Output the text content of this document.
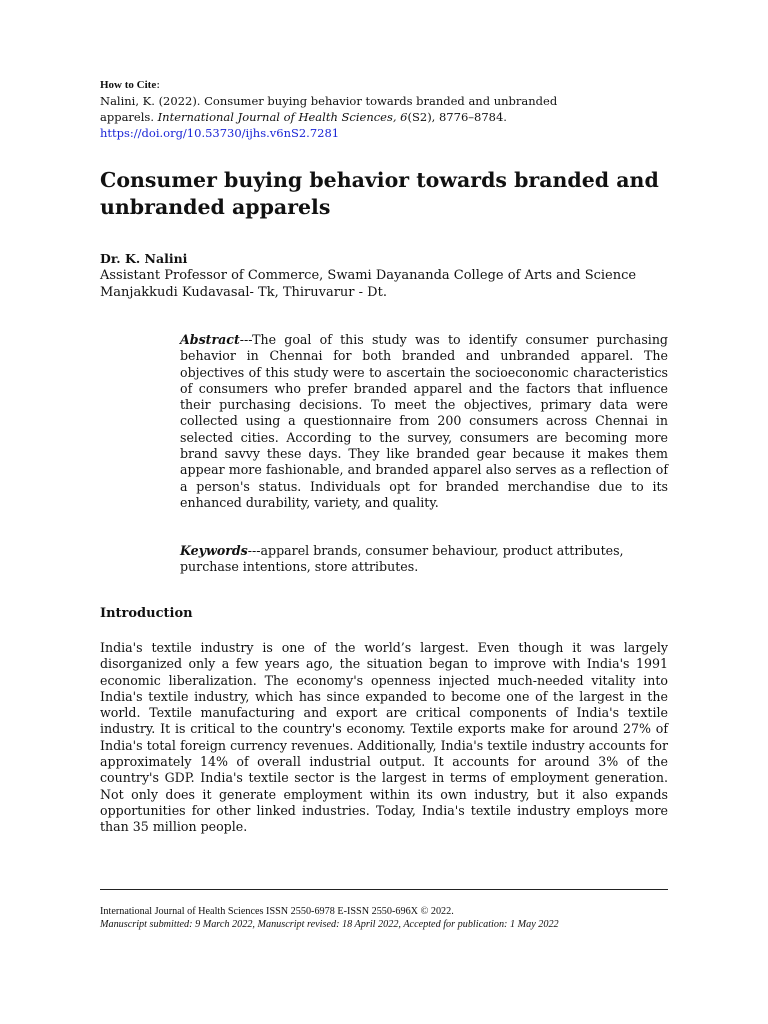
How to Cite:
Nalini, K. (2022). Consumer buying behavior towards branded and unbranded
apparels. International Journal of Health Sciences, 6(S2), 8776–8784.
https://doi.org/10.53730/ijhs.v6nS2.7281
Consumer buying behavior towards branded and unbranded apparels
Dr. K. Nalini
Assistant Professor of Commerce, Swami Dayananda College of Arts and Science
Manjakkudi Kudavasal- Tk, Thiruvarur - Dt.

Abstract---The goal of this study was to identify consumer purchasing behavior in Chennai for both branded and unbranded apparel. The objectives of this study were to ascertain the socioeconomic characteristics of consumers who prefer branded apparel and the factors that influence their purchasing decisions. To meet the objectives, primary data were collected using a questionnaire from 200 consumers across Chennai in selected cities. According to the survey, consumers are becoming more brand savvy these days. They like branded gear because it makes them appear more fashionable, and branded apparel also serves as a reflection of a person's status. Individuals opt for branded merchandise due to its enhanced durability, variety, and quality.

Keywords---apparel brands, consumer behaviour, product attributes, purchase intentions, store attributes.

Introduction

India's textile industry is one of the world’s largest. Even though it was largely disorganized only a few years ago, the situation began to improve with India's 1991 economic liberalization. The economy's openness injected much-needed vitality into India's textile industry, which has since expanded to become one of the largest in the world. Textile manufacturing and export are critical components of India's textile industry. It is critical to the country's economy. Textile exports make for around 27% of India's total foreign currency revenues. Additionally, India's textile industry accounts for approximately 14% of overall industrial output. It accounts for around 3% of the country's GDP. India's textile sector is the largest in terms of employment generation. Not only does it generate employment within its own industry, but it also expands opportunities for other linked industries. Today, India's textile industry employs more than 35 million people.

International Journal of Health Sciences ISSN 2550-6978 E-ISSN 2550-696X © 2022.
Manuscript submitted: 9 March 2022, Manuscript revised: 18 April 2022, Accepted for publication: 1 May 2022
